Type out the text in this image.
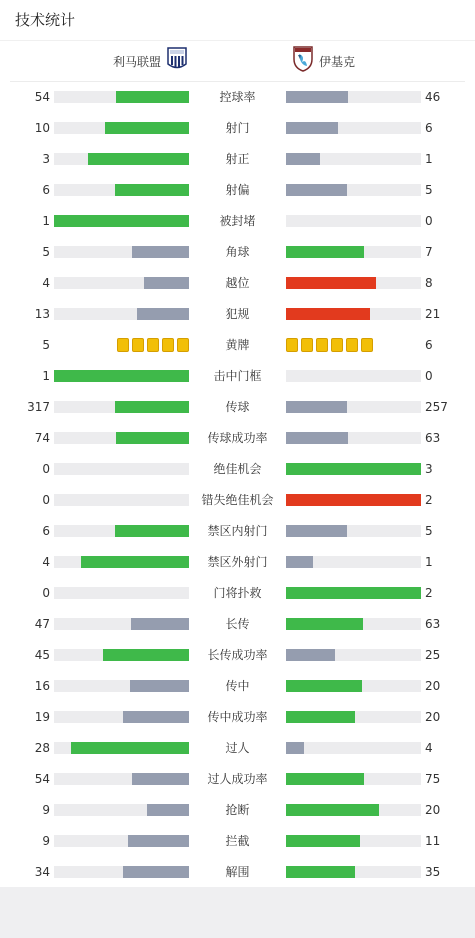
技术统计
利马联盟	伊基克
54	控球率	46
10	射门	6
3	射正	1
6	射偏	5
1	被封堵	0
5	角球	7
4	越位	8
13	犯规	21
5	黄牌	6
1	击中门框	0
317	传球	257
74	传球成功率	63
0	绝佳机会	3
0	错失绝佳机会	2
6	禁区内射门	5
4	禁区外射门	1
0	门将扑救	2
47	长传	63
45	长传成功率	25
16	传中	20
19	传中成功率	20
28	过人	4
54	过人成功率	75
9	抢断	20
9	拦截	11
34	解围	35
